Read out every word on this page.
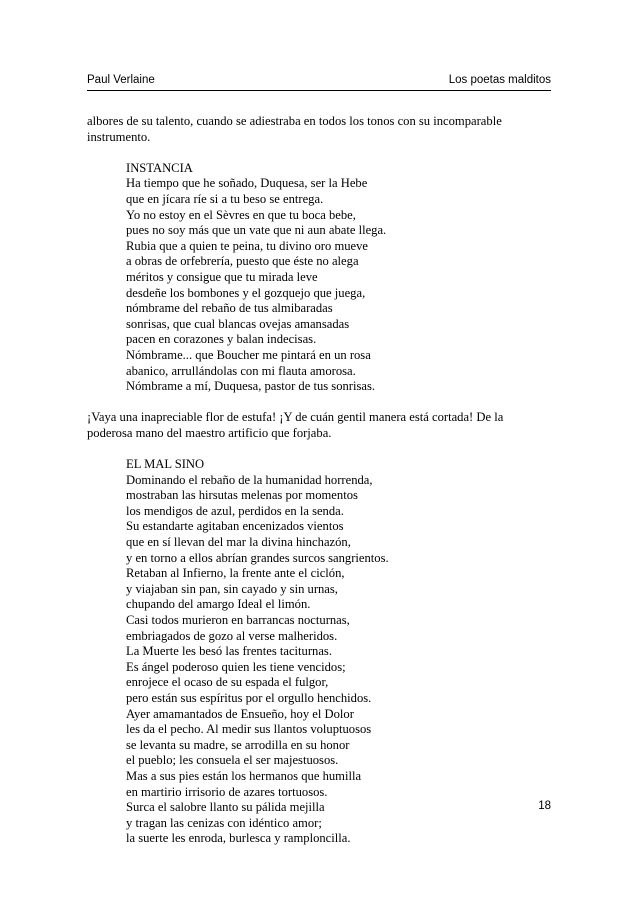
Paul Verlaine	Los poetas malditos
albores de su talento, cuando se adiestraba en todos los tonos con su incomparable
instrumento.
INSTANCIA
Ha tiempo que he soñado, Duquesa, ser la Hebe
que en jícara ríe si a tu beso se entrega.
Yo no estoy en el Sèvres en que tu boca bebe,
pues no soy más que un vate que ni aun abate llega.
Rubia que a quien te peina, tu divino oro mueve
a obras de orfebrería, puesto que éste no alega
méritos y consigue que tu mirada leve
desdeñe los bombones y el gozquejo que juega,
nómbrame del rebaño de tus almibaradas
sonrisas, que cual blancas ovejas amansadas
pacen en corazones y balan indecisas.
Nómbrame... que Boucher me pintará en un rosa
abanico, arrullándolas con mi flauta amorosa.
Nómbrame a mí, Duquesa, pastor de tus sonrisas.
¡Vaya una inapreciable flor de estufa! ¡Y de cuán gentil manera está cortada! De la
poderosa mano del maestro artificio que forjaba.
EL MAL SINO
Dominando el rebaño de la humanidad horrenda,
mostraban las hirsutas melenas por momentos
los mendigos de azul, perdidos en la senda.
Su estandarte agitaban encenizados vientos
que en sí llevan del mar la divina hinchazón,
y en torno a ellos abrían grandes surcos sangrientos.
Retaban al Infierno, la frente ante el ciclón,
y viajaban sin pan, sin cayado y sin urnas,
chupando del amargo Ideal el limón.
Casi todos murieron en barrancas nocturnas,
embriagados de gozo al verse malheridos.
La Muerte les besó las frentes taciturnas.
Es ángel poderoso quien les tiene vencidos;
enrojece el ocaso de su espada el fulgor,
pero están sus espíritus por el orgullo henchidos.
Ayer amamantados de Ensueño, hoy el Dolor
les da el pecho. Al medir sus llantos voluptuosos
se levanta su madre, se arrodilla en su honor
el pueblo; les consuela el ser majestuosos.
Mas a sus pies están los hermanos que humilla
en martirio irrisorio de azares tortuosos.
Surca el salobre llanto su pálida mejilla
y tragan las cenizas con idéntico amor;
la suerte les enroda, burlesca y ramploncilla.
18
